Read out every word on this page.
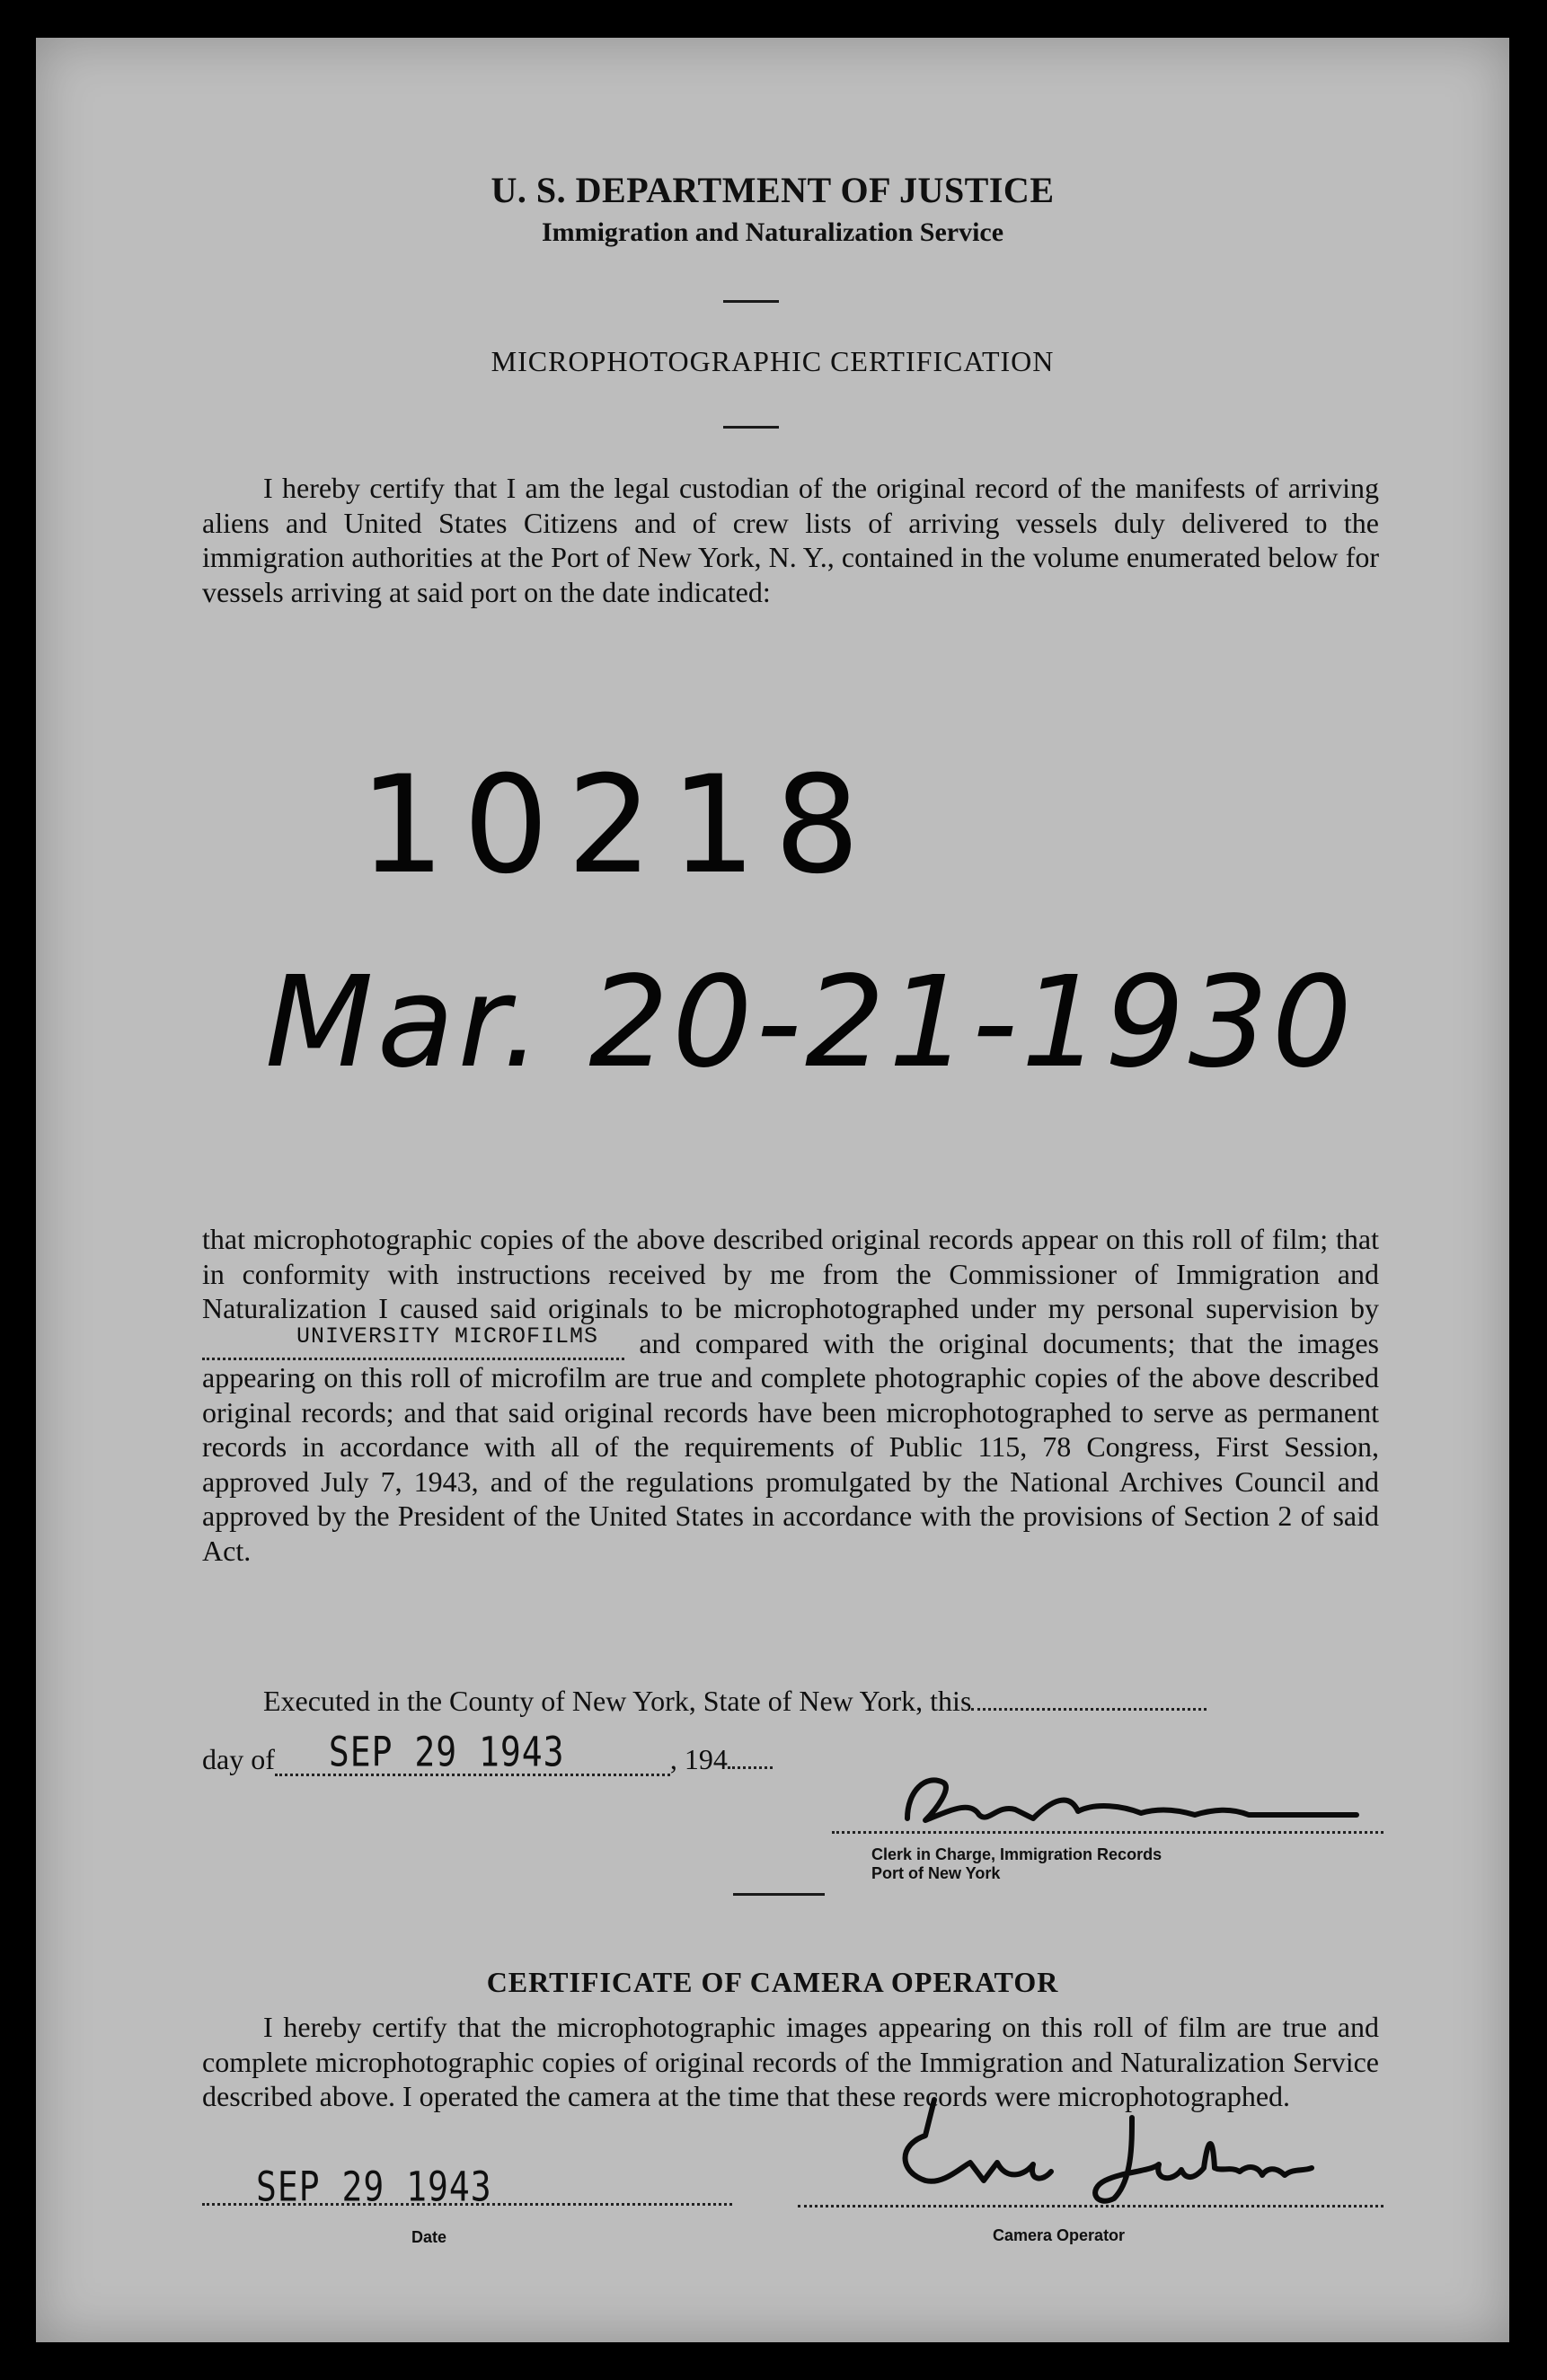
U. S. DEPARTMENT OF JUSTICE
Immigration and Naturalization Service
MICROPHOTOGRAPHIC CERTIFICATION
I hereby certify that I am the legal custodian of the original record of the manifests of arriving aliens and United States Citizens and of crew lists of arriving vessels duly delivered to the immigration authorities at the Port of New York, N. Y., contained in the volume enumerated below for vessels arriving at said port on the date indicated:
10218
Mar. 20-21-1930
that microphotographic copies of the above described original records appear on this roll of film; that in conformity with instructions received by me from the Commissioner of Immigration and Naturalization I caused said originals to be microphotographed under my personal supervision by
UNIVERSITY MICROFILMS and compared with the original documents; that the images appearing on this roll of microfilm are true and complete photographic copies of the above described original records; and that said original records have been microphotographed to serve as permanent records in accordance with all of the requirements of Public 115, 78 Congress, First Session, approved July 7, 1943, and of the regulations promulgated by the National Archives Council and approved by the President of the United States in accordance with the provisions of Section 2 of said Act.
Executed in the County of New York, State of New York, this
day of SEP 29 1943	, 194
Clerk in Charge, Immigration Records
Port of New York
CERTIFICATE OF CAMERA OPERATOR
I hereby certify that the microphotographic images appearing on this roll of film are true and complete microphotographic copies of original records of the Immigration and Naturalization Service described above. I operated the camera at the time that these records were microphotographed.
SEP 29 1943
Date	Camera Operator
